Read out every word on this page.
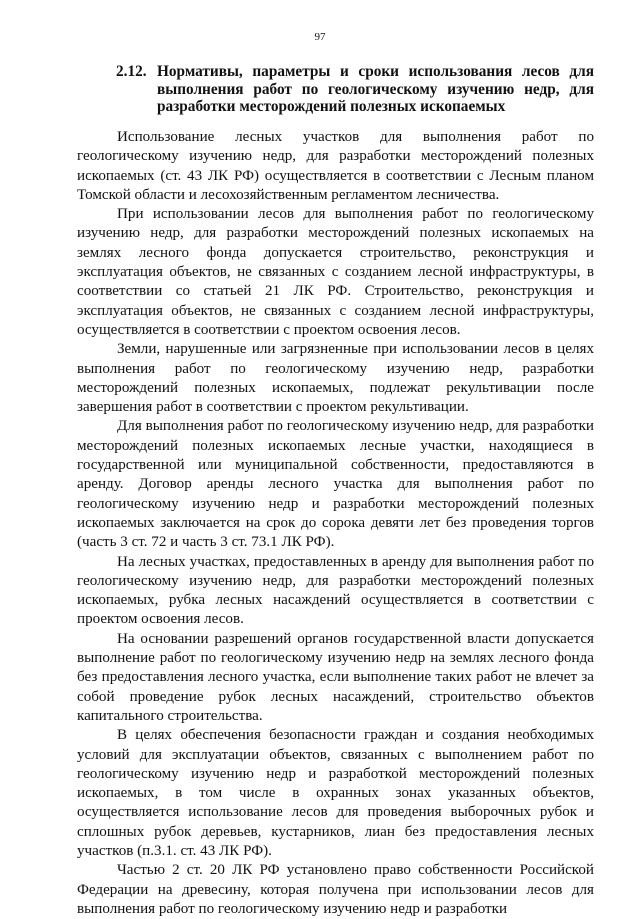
97
2.12. Нормативы, параметры и сроки использования лесов для выполнения работ по геологическому изучению недр, для разработки месторождений полезных ископаемых

Использование лесных участков для выполнения работ по геологическому изучению недр, для разработки месторождений полезных ископаемых (ст. 43 ЛК РФ) осуществляется в соответствии с Лесным планом Томской области и лесохозяйственным регламентом лесничества.

При использовании лесов для выполнения работ по геологическому изучению недр, для разработки месторождений полезных ископаемых на землях лесного фонда допускается строительство, реконструкция и эксплуатация объектов, не связанных с созданием лесной инфраструктуры, в соответствии со статьей 21 ЛК РФ. Строительство, реконструкция и эксплуатация объектов, не связанных с созданием лесной инфраструктуры, осуществляется в соответствии с проектом освоения лесов.

Земли, нарушенные или загрязненные при использовании лесов в целях выполнения работ по геологическому изучению недр, разработки месторождений полезных ископаемых, подлежат рекультивации после завершения работ в соответствии с проектом рекультивации.

Для выполнения работ по геологическому изучению недр, для разработки месторождений полезных ископаемых лесные участки, находящиеся в государственной или муниципальной собственности, предоставляются в аренду. Договор аренды лесного участка для выполнения работ по геологическому изучению недр и разработки месторождений полезных ископаемых заключается на срок до сорока девяти лет без проведения торгов (часть 3 ст. 72 и часть 3 ст. 73.1 ЛК РФ).

На лесных участках, предоставленных в аренду для выполнения работ по геологическому изучению недр, для разработки месторождений полезных ископаемых, рубка лесных насаждений осуществляется в соответствии с проектом освоения лесов.

На основании разрешений органов государственной власти допускается выполнение работ по геологическому изучению недр на землях лесного фонда без предоставления лесного участка, если выполнение таких работ не влечет за собой проведение рубок лесных насаждений, строительство объектов капитального строительства.

В целях обеспечения безопасности граждан и создания необходимых условий для эксплуатации объектов, связанных с выполнением работ по геологическому изучению недр и разработкой месторождений полезных ископаемых, в том числе в охранных зонах указанных объектов, осуществляется использование лесов для проведения выборочных рубок и сплошных рубок деревьев, кустарников, лиан без предоставления лесных участков (п.3.1. ст. 43 ЛК РФ).

Частью 2 ст. 20 ЛК РФ установлено право собственности Российской Федерации на древесину, которая получена при использовании лесов для выполнения работ по геологическому изучению недр и разработки
